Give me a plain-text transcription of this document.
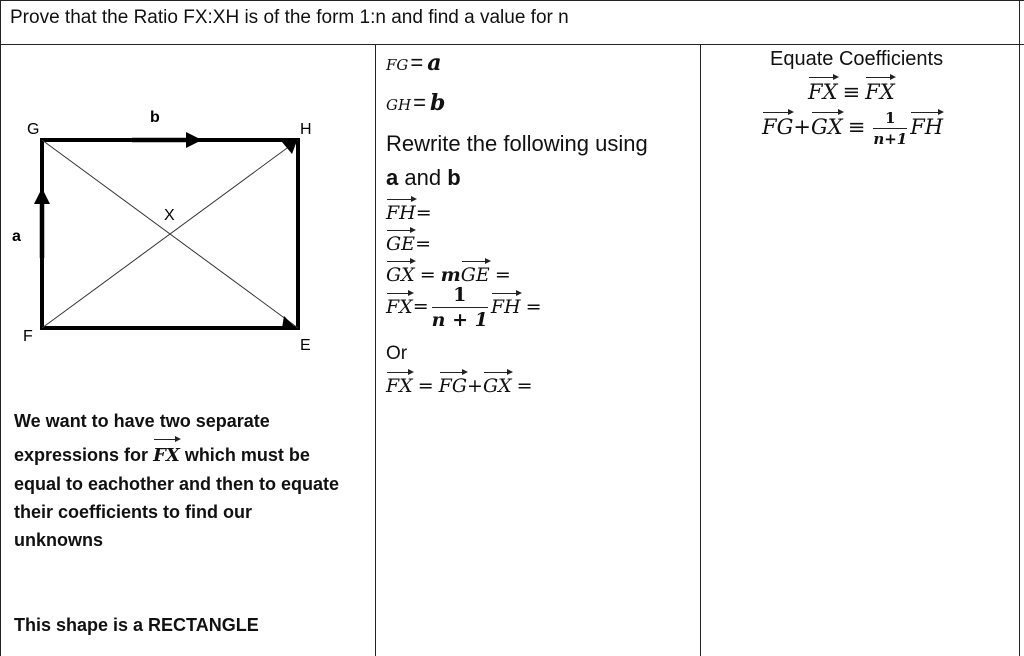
Prove that the Ratio FX:XH is of the form 1:n and find a value for n
G	H
F
E
X
a
b
We want to have two separate expressions for FX which must be equal to eachother and then to equate their coefficients to find our unknowns
This shape is a RECTANGLE
FG= a
GH= b
Rewrite the following using
a and b
FH=
GE=
GX = mGE =
$FX= \frac{1}{n + 1}$ FH =
Or
FX = FG+GX =
Equate Coefficients
FX ≡ FX
$FG+GX \equiv \frac{1}{n+1}$ FH
